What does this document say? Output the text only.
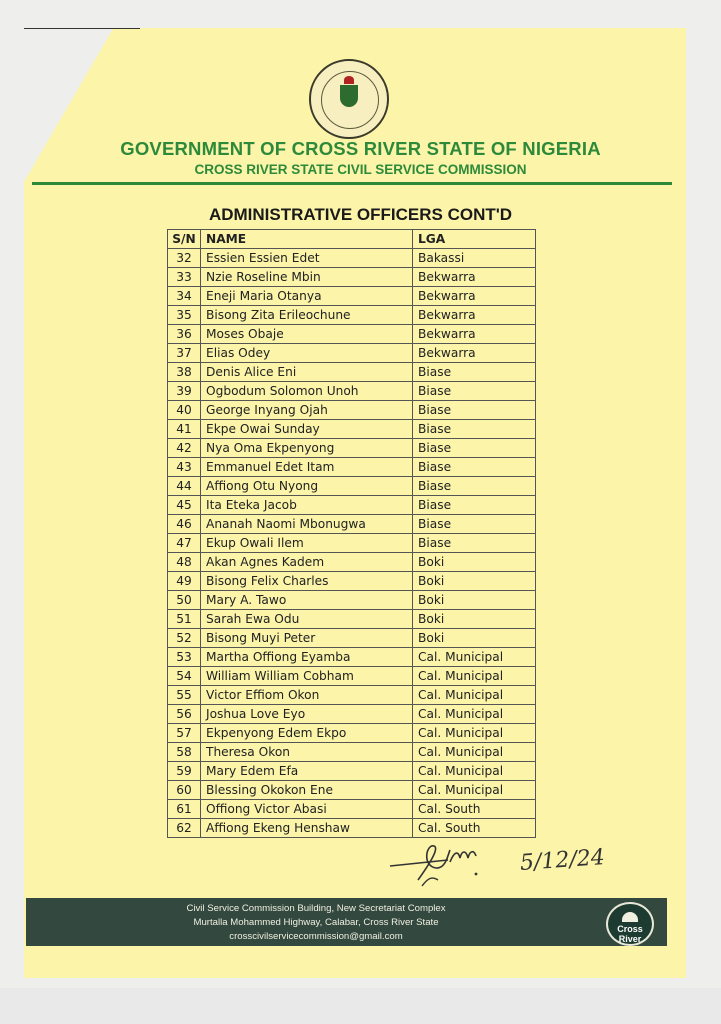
GOVERNMENT OF CROSS RIVER STATE OF NIGERIA
CROSS RIVER STATE CIVIL SERVICE COMMISSION
ADMINISTRATIVE OFFICERS CONT'D
S/N	NAME	LGA
32	Essien Essien Edet	Bakassi
33	Nzie Roseline Mbin	Bekwarra
34	Eneji Maria Otanya	Bekwarra
35	Bisong Zita Erileochune	Bekwarra
36	Moses Obaje	Bekwarra
37	Elias Odey	Bekwarra
38	Denis Alice Eni	Biase
39	Ogbodum Solomon Unoh	Biase
40	George Inyang Ojah	Biase
41	Ekpe Owai Sunday	Biase
42	Nya Oma Ekpenyong	Biase
43	Emmanuel Edet Itam	Biase
44	Affiong Otu Nyong	Biase
45	Ita Eteka Jacob	Biase
46	Ananah Naomi Mbonugwa	Biase
47	Ekup Owali Ilem	Biase
48	Akan Agnes Kadem	Boki
49	Bisong Felix Charles	Boki
50	Mary A. Tawo	Boki
51	Sarah Ewa Odu	Boki
52	Bisong Muyi Peter	Boki
53	Martha Offiong Eyamba	Cal. Municipal
54	William William Cobham	Cal. Municipal
55	Victor Effiom Okon	Cal. Municipal
56	Joshua Love Eyo	Cal. Municipal
57	Ekpenyong Edem Ekpo	Cal. Municipal
58	Theresa Okon	Cal. Municipal
59	Mary Edem Efa	Cal. Municipal
60	Blessing Okokon Ene	Cal. Municipal
61	Offiong Victor Abasi	Cal. South
62	Affiong Ekeng Henshaw	Cal. South
5/12/24
Civil Service Commission Building, New Secretariat Complex
Murtalla Mohammed Highway, Calabar, Cross River State
crosscivilservicecommission@gmail.com
Cross River
